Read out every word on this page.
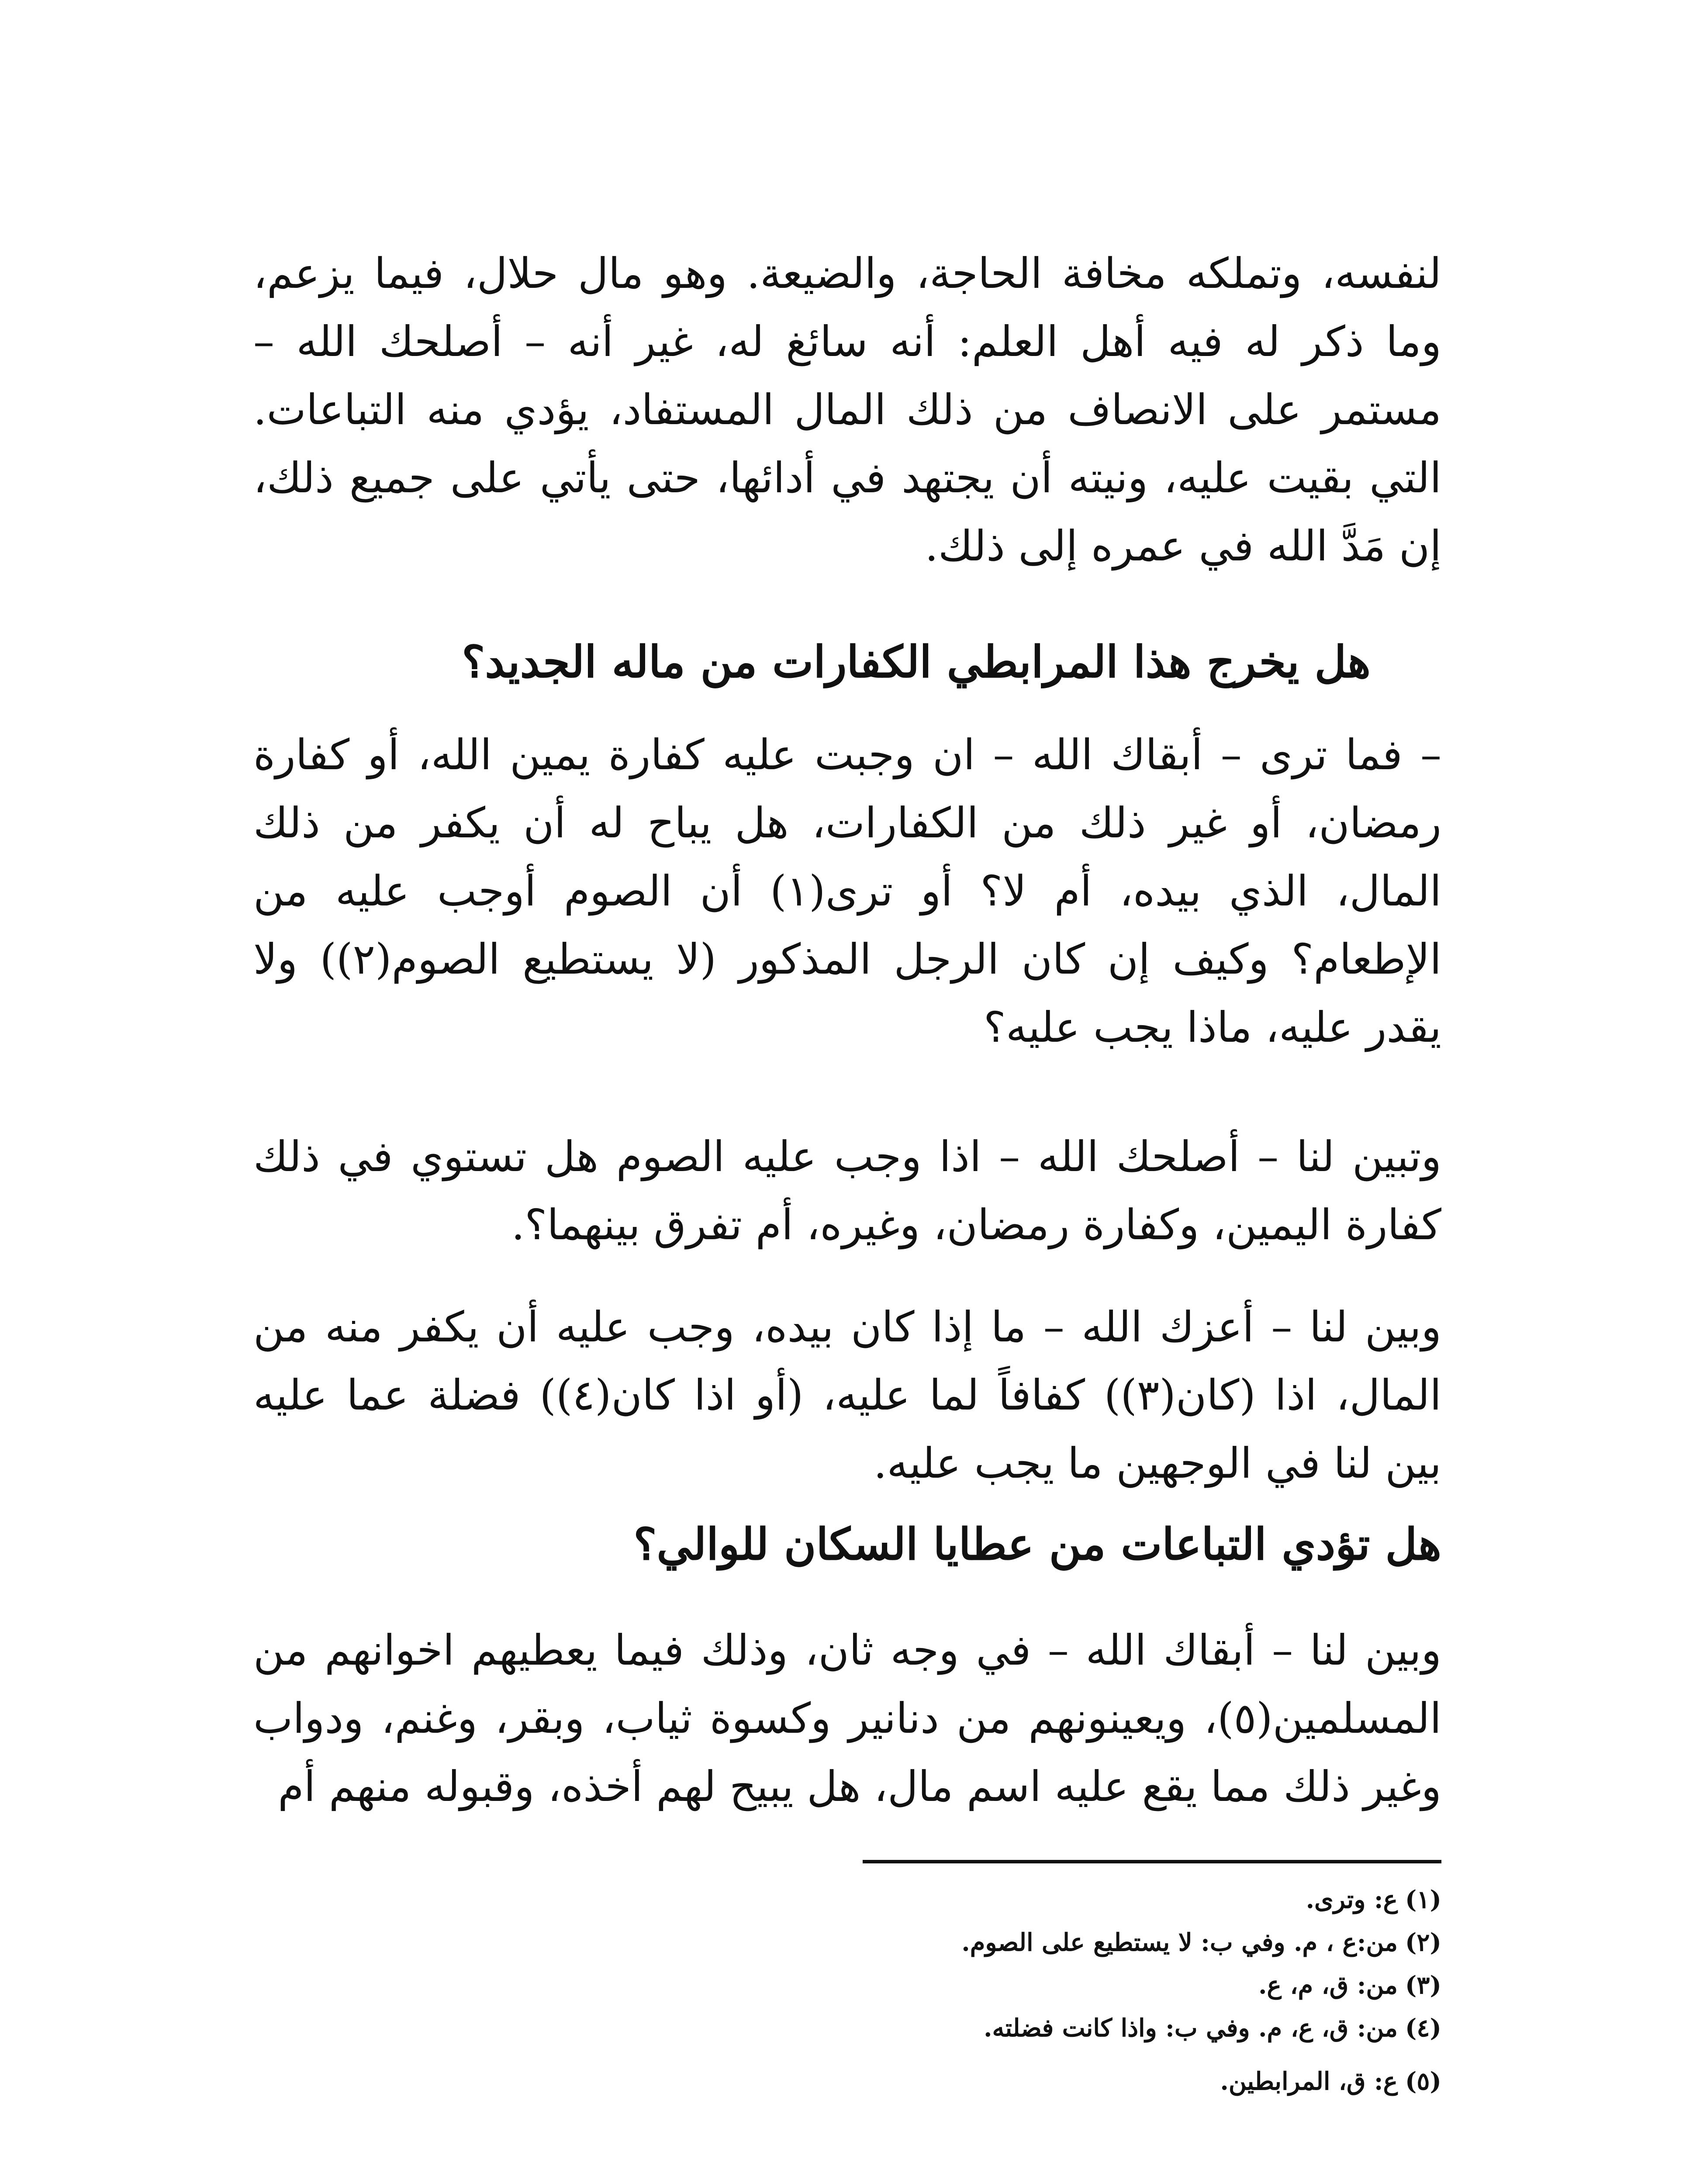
لنفسه، وتملكه مخافة الحاجة، والضيعة. وهو مال حلال، فيما يزعم، وما ذكر له فيه أهل العلم: أنه سائغ له، غير أنه – أصلحك الله – مستمر على الانصاف من ذلك المال المستفاد، يؤدي منه التباعات. التي بقيت عليه، ونيته أن يجتهد في أدائها، حتى يأتي على جميع ذلك، إن مَدَّ الله في عمره إلى ذلك.

هل يخرج هذا المرابطي الكفارات من ماله الجديد؟

– فما ترى – أبقاك الله – ان وجبت عليه كفارة يمين الله، أو كفارة رمضان، أو غير ذلك من الكفارات، هل يباح له أن يكفر من ذلك المال، الذي بيده، أم لا؟ أو ترى(١) أن الصوم أوجب عليه من الإطعام؟ وكيف إن كان الرجل المذكور (لا يستطيع الصوم(٢)) ولا يقدر عليه، ماذا يجب عليه؟

وتبين لنا – أصلحك الله – اذا وجب عليه الصوم هل تستوي في ذلك كفارة اليمين، وكفارة رمضان، وغيره، أم تفرق بينهما؟.

وبين لنا – أعزك الله – ما إذا كان بيده، وجب عليه أن يكفر منه من المال، اذا (كان(٣)) كفافاً لما عليه، (أو اذا كان(٤)) فضلة عما عليه بين لنا في الوجهين ما يجب عليه.

هل تؤدي التباعات من عطايا السكان للوالي؟

وبين لنا – أبقاك الله – في وجه ثان، وذلك فيما يعطيهم اخوانهم من المسلمين(٥)، ويعينونهم من دنانير وكسوة ثياب، وبقر، وغنم، ودواب وغير ذلك مما يقع عليه اسم مال، هل يبيح لهم أخذه، وقبوله منهم أم

(١)
ع: وترى.
(٢)
من:ع ، م. وفي ب: لا يستطيع على الصوم.
(٣)
من: ق، م، ع.
(٤)
من: ق، ع، م. وفي ب: واذا كانت فضلته.
(٥)
ع: ق، المرابطين.
